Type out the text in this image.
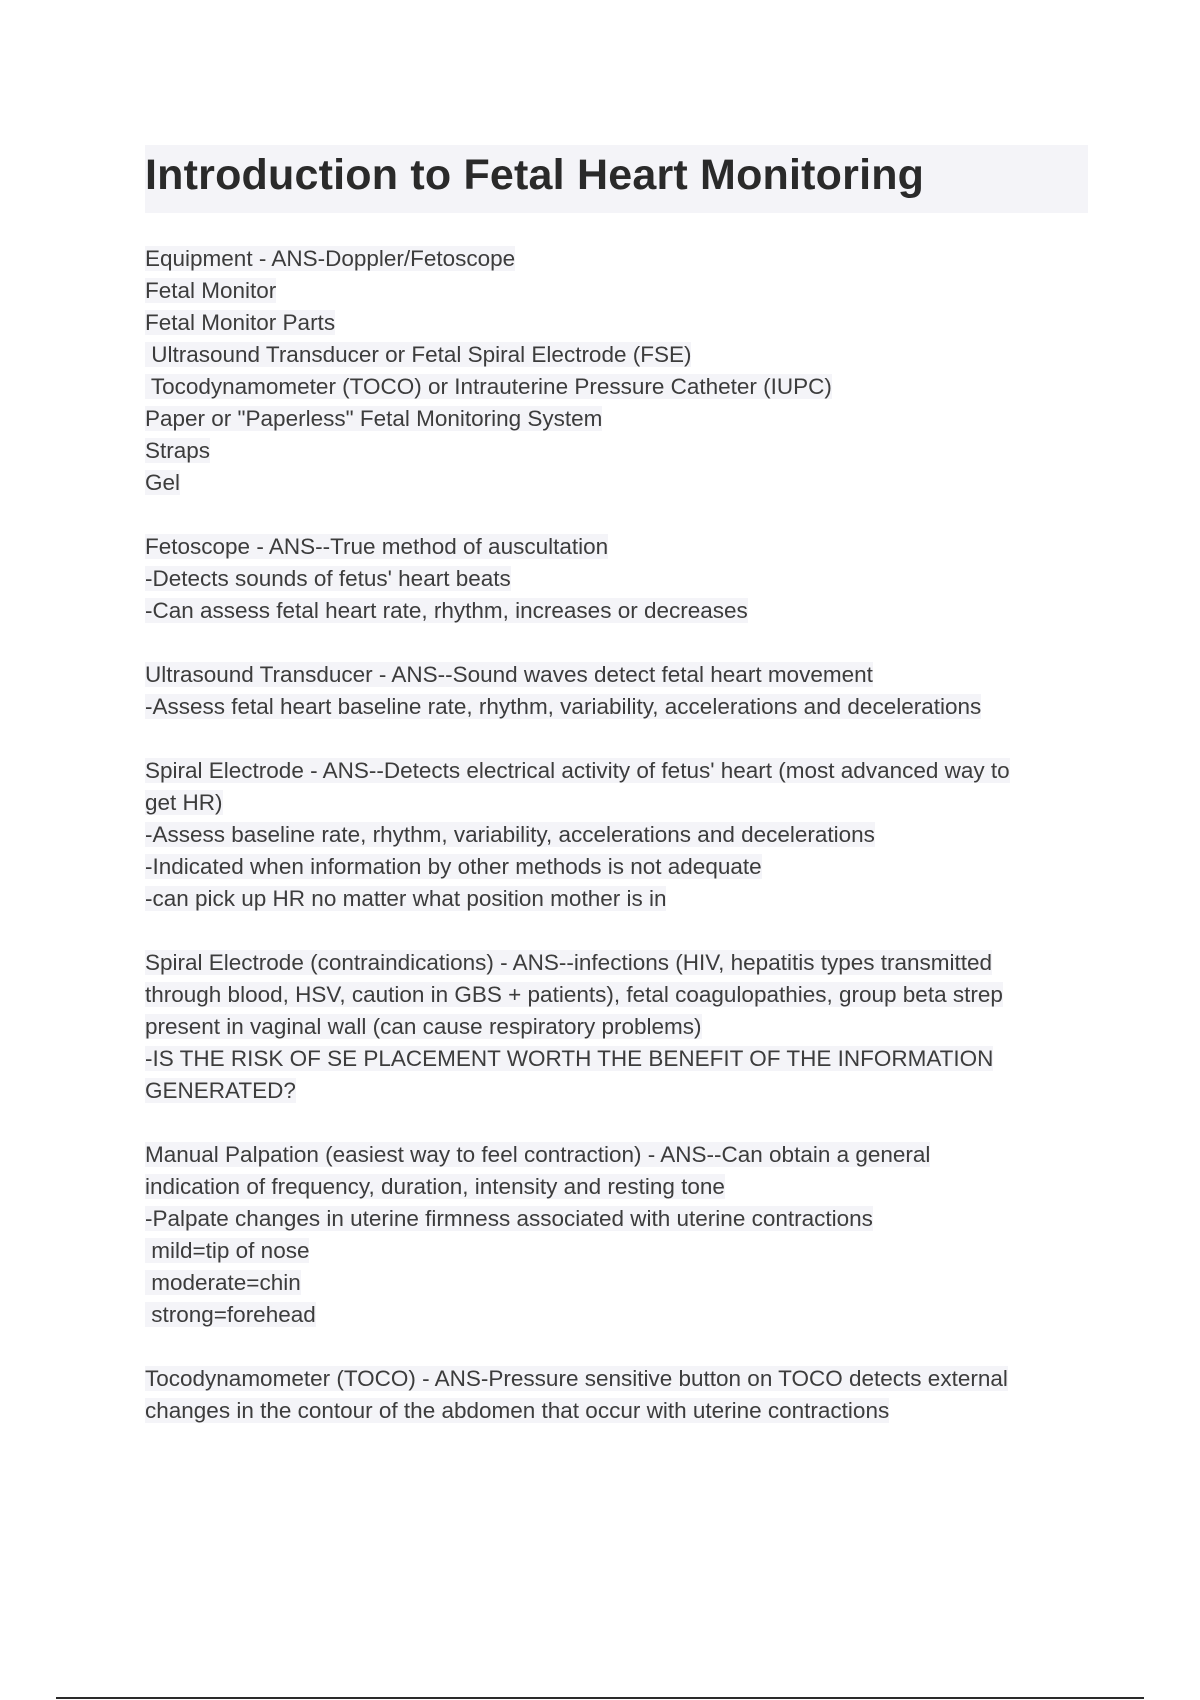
Introduction to Fetal Heart Monitoring
Equipment - ANS-Doppler/Fetoscope
Fetal Monitor
Fetal Monitor Parts
Ultrasound Transducer or Fetal Spiral Electrode (FSE)
Tocodynamometer (TOCO) or Intrauterine Pressure Catheter (IUPC)
Paper or "Paperless" Fetal Monitoring System
Straps
Gel
Fetoscope - ANS--True method of auscultation
-Detects sounds of fetus' heart beats
-Can assess fetal heart rate, rhythm, increases or decreases
Ultrasound Transducer - ANS--Sound waves detect fetal heart movement
-Assess fetal heart baseline rate, rhythm, variability, accelerations and decelerations
Spiral Electrode - ANS--Detects electrical activity of fetus' heart (most advanced way to
get HR)
-Assess baseline rate, rhythm, variability, accelerations and decelerations
-Indicated when information by other methods is not adequate
-can pick up HR no matter what position mother is in
Spiral Electrode (contraindications) - ANS--infections (HIV, hepatitis types transmitted
through blood, HSV, caution in GBS + patients), fetal coagulopathies, group beta strep
present in vaginal wall (can cause respiratory problems)
-IS THE RISK OF SE PLACEMENT WORTH THE BENEFIT OF THE INFORMATION
GENERATED?
Manual Palpation (easiest way to feel contraction) - ANS--Can obtain a general
indication of frequency, duration, intensity and resting tone
-Palpate changes in uterine firmness associated with uterine contractions
mild=tip of nose
moderate=chin
strong=forehead
Tocodynamometer (TOCO) - ANS-Pressure sensitive button on TOCO detects external
changes in the contour of the abdomen that occur with uterine contractions
